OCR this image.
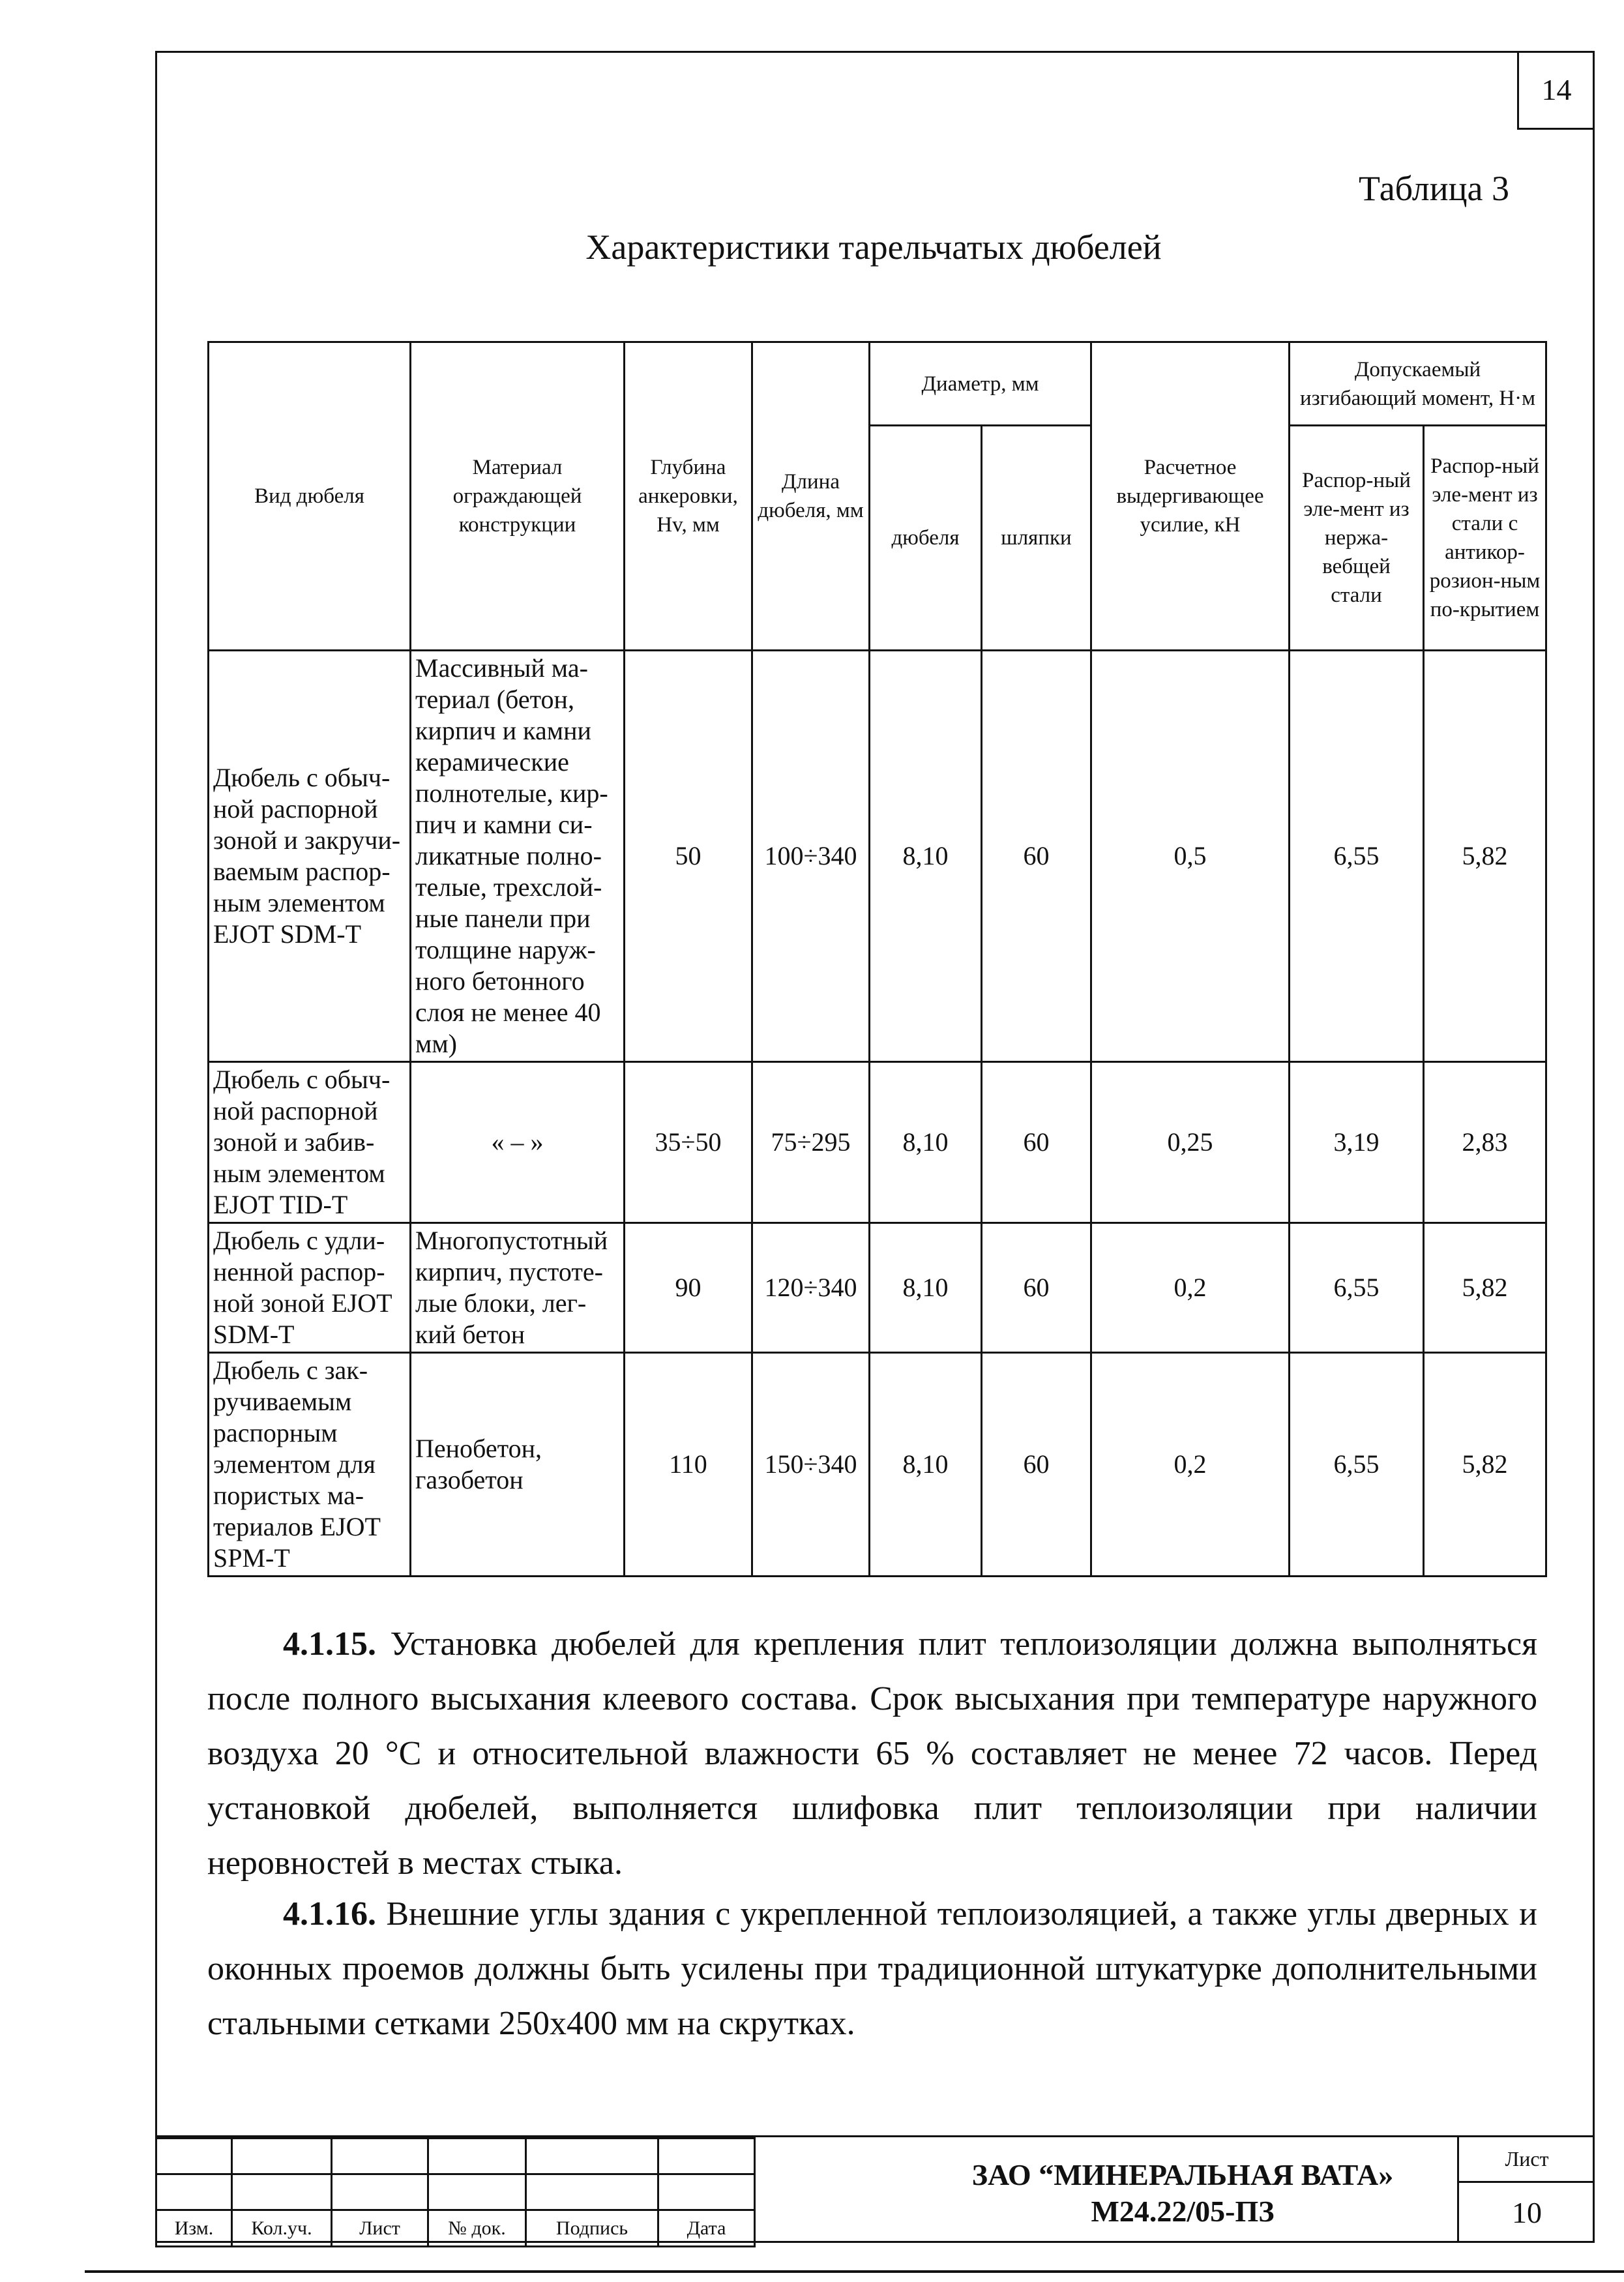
14
Таблица 3
Характеристики тарельчатых дюбелей
Вид дюбеля	Материал ограждающей конструкции	Глубина анкеровки, Hv, мм	Длина дюбеля, мм	Диаметр, мм		Расчетное выдергивающее усилие, кН	Допускаемый изгибающий момент, Н·м	
				дюбеля	шляпки		Распор-ный эле-мент из нержа-вебщей стали	Распор-ный эле-мент из стали с антикор-розион-ным по-крытием
Дюбель с обыч-ной распорной зоной и закручи-ваемым распор-ным элементом EJOT SDM-T	Массивный ма-териал (бетон, кирпич и камни керамические полнотелые, кир-пич и камни си-ликатные полно-телые, трехслой-ные панели при толщине наруж-ного бетонного слоя не менее 40 мм)	50	100÷340	8,10	60	0,5	6,55	5,82
Дюбель с обыч-ной распорной зоной и забив-ным элементом EJOT TID-T	« – »	35÷50	75÷295	8,10	60	0,25	3,19	2,83
Дюбель с удли-ненной распор-ной зоной EJOT SDM-T	Многопустотный кирпич, пустоте-лые блоки, лег-кий бетон	90	120÷340	8,10	60	0,2	6,55	5,82
Дюбель с зак-ручиваемым распорным элементом для пористых ма-териалов EJOT SPM-T	Пенобетон, газобетон	110	150÷340	8,10	60	0,2	6,55	5,82
4.1.15. Установка дюбелей для крепления плит теплоизоляции должна выполняться после полного высыхания клеевого состава. Срок высыхания при температуре наружного воздуха 20 °С и относительной влажности 65 % составляет не менее 72 часов. Перед установкой дюбелей, выполняется шлифовка плит теплоизоляции при наличии неровностей в местах стыка.
4.1.16. Внешние углы здания с укрепленной теплоизоляцией, а также углы дверных и оконных проемов должны быть усилены при традиционной штукатурке дополнительными стальными сетками 250x400 мм на скрутках.

Изм.	Кол.уч.	Лист	№ док.	Подпись	Дата
ЗАО “МИНЕРАЛЬНАЯ ВАТА»
М24.22/05-ПЗ
Лист
10
